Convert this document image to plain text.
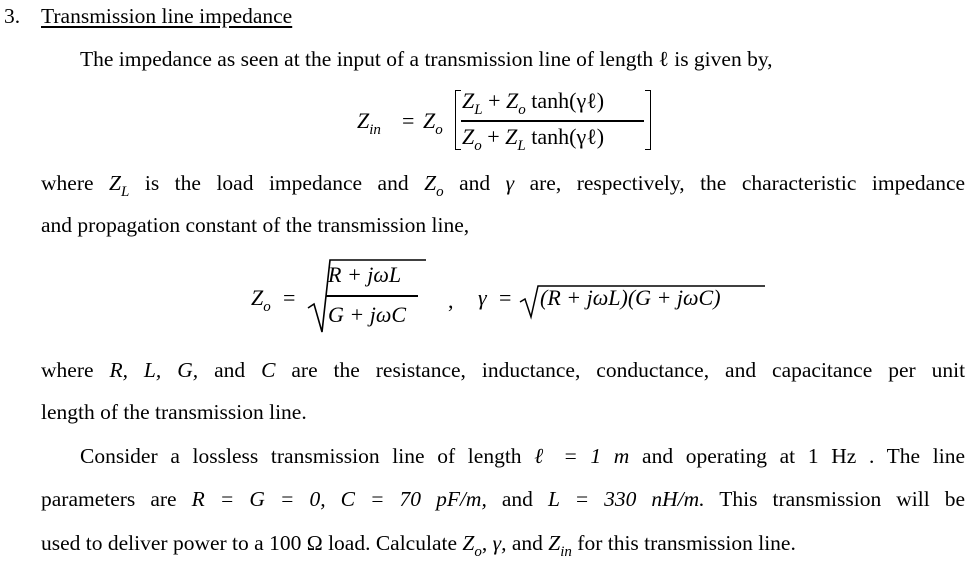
3. Transmission line impedance
The impedance as seen at the input of a transmission line of length ℓ is given by,
$Z_{in} = Z_o$
$Z_L + Z_o$ tanh(γℓ)
$Z_o + Z_L$ tanh(γℓ)
where $Z_L$ is the load impedance and $Z_o$ and γ are, respectively, the characteristic impedance
and propagation constant of the transmission line,
$Z_o$ =
R + jωL
G + jωC
, γ = (R + jωL)(G + jωC)
where R, L, G, and C are the resistance, inductance, conductance, and capacitance per unit
length of the transmission line.
Consider a lossless transmission line of length ℓ = 1 m and operating at 1 Hz . The line
parameters are R = G = 0, C = 70 pF/m, and L = 330 nH/m. This transmission will be
used to deliver power to a 100 Ω load. Calculate $Z_o$, γ, and $Z_{in}$ for this transmission line.
